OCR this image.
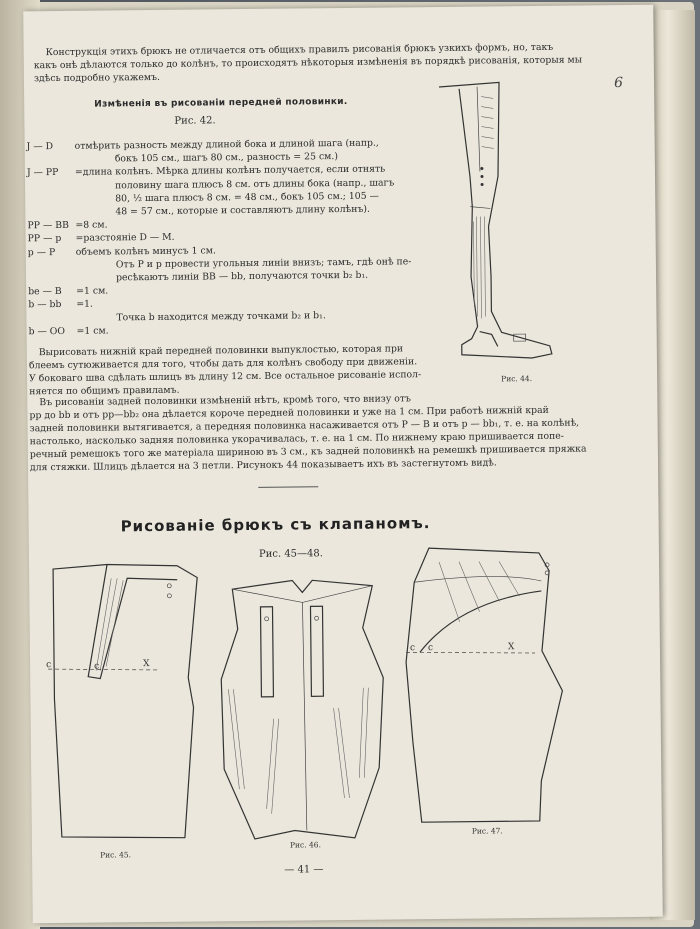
Конструкція этихъ брюкъ не отличается отъ общихъ правилъ рисованія брюкъ узкихъ формъ, но, такъ
какъ онѣ дѣлаются только до колѣнъ, то происходятъ нѣкоторыя измѣненія въ порядкѣ рисованія, которыя мы
здѣсь подробно укажемъ.
Измѣненія въ рисованіи передней половинки.
Рис. 42.
J — D отмѣрить разность между длиной бока и длиной шага (напр.,
бокъ 105 см., шагъ 80 см., разность = 25 см.)
J — PP =длина колѣнъ. Мѣрка длины колѣнъ получается, если отнять
половину шага плюсъ 8 см. отъ длины бока (напр., шагъ
80, ½ шага плюсъ 8 см. = 48 см., бокъ 105 см.; 105 —
48 = 57 см., которые и составляютъ длину колѣнъ).
PP — BB =8 см.
PP — p =разстояніе D — M.
p — P объемъ колѣнъ минусъ 1 см.
Отъ P и p провести угольныя линіи внизъ; тамъ, гдѣ онѣ пе-
ресѣкаютъ линіи BB — bb, получаются точки b₂ b₁.
be — B =1 см.
b — bb =1.
Точка b находится между точками b₂ и b₁.
b — OO =1 см.
Вырисовать нижній край передней половинки выпуклостью, которая при
блеемъ сутюживается для того, чтобы дать для колѣнъ свободу при движеніи.
У боковаго шва сдѣлать шлицъ въ длину 12 см. Все остальное рисованіе испол-
няется по общимъ правиламъ.
Въ рисованіи задней половинки измѣненій нѣтъ, кромѣ того, что внизу отъ
рр до bb и отъ рр—bb₂ она дѣлается короче передней половинки и уже на 1 см. При работѣ нижній край
задней половинки вытягивается, а передняя половинка насаживается отъ P — B и отъ p — bb₁, т. е. на колѣнѣ,
настолько, насколько задняя половинка укорачивалась, т. е. на 1 см. По нижнему краю пришивается попе-
речный ремешокъ того же матеріала шириною въ 3 см., къ задней половинкѣ на ремешкѣ пришивается пряжка
для стяжки. Шлицъ дѣлается на 3 петли. Рисунокъ 44 показываетъ ихъ въ застегнутомъ видѣ.
Рис. 44.
Рисованіе брюкъ съ клапаномъ.
Рис. 45—48.
c	c	X
Рис. 45.
Рис. 46.
c c	X
Рис. 47.
— 41 —
6
